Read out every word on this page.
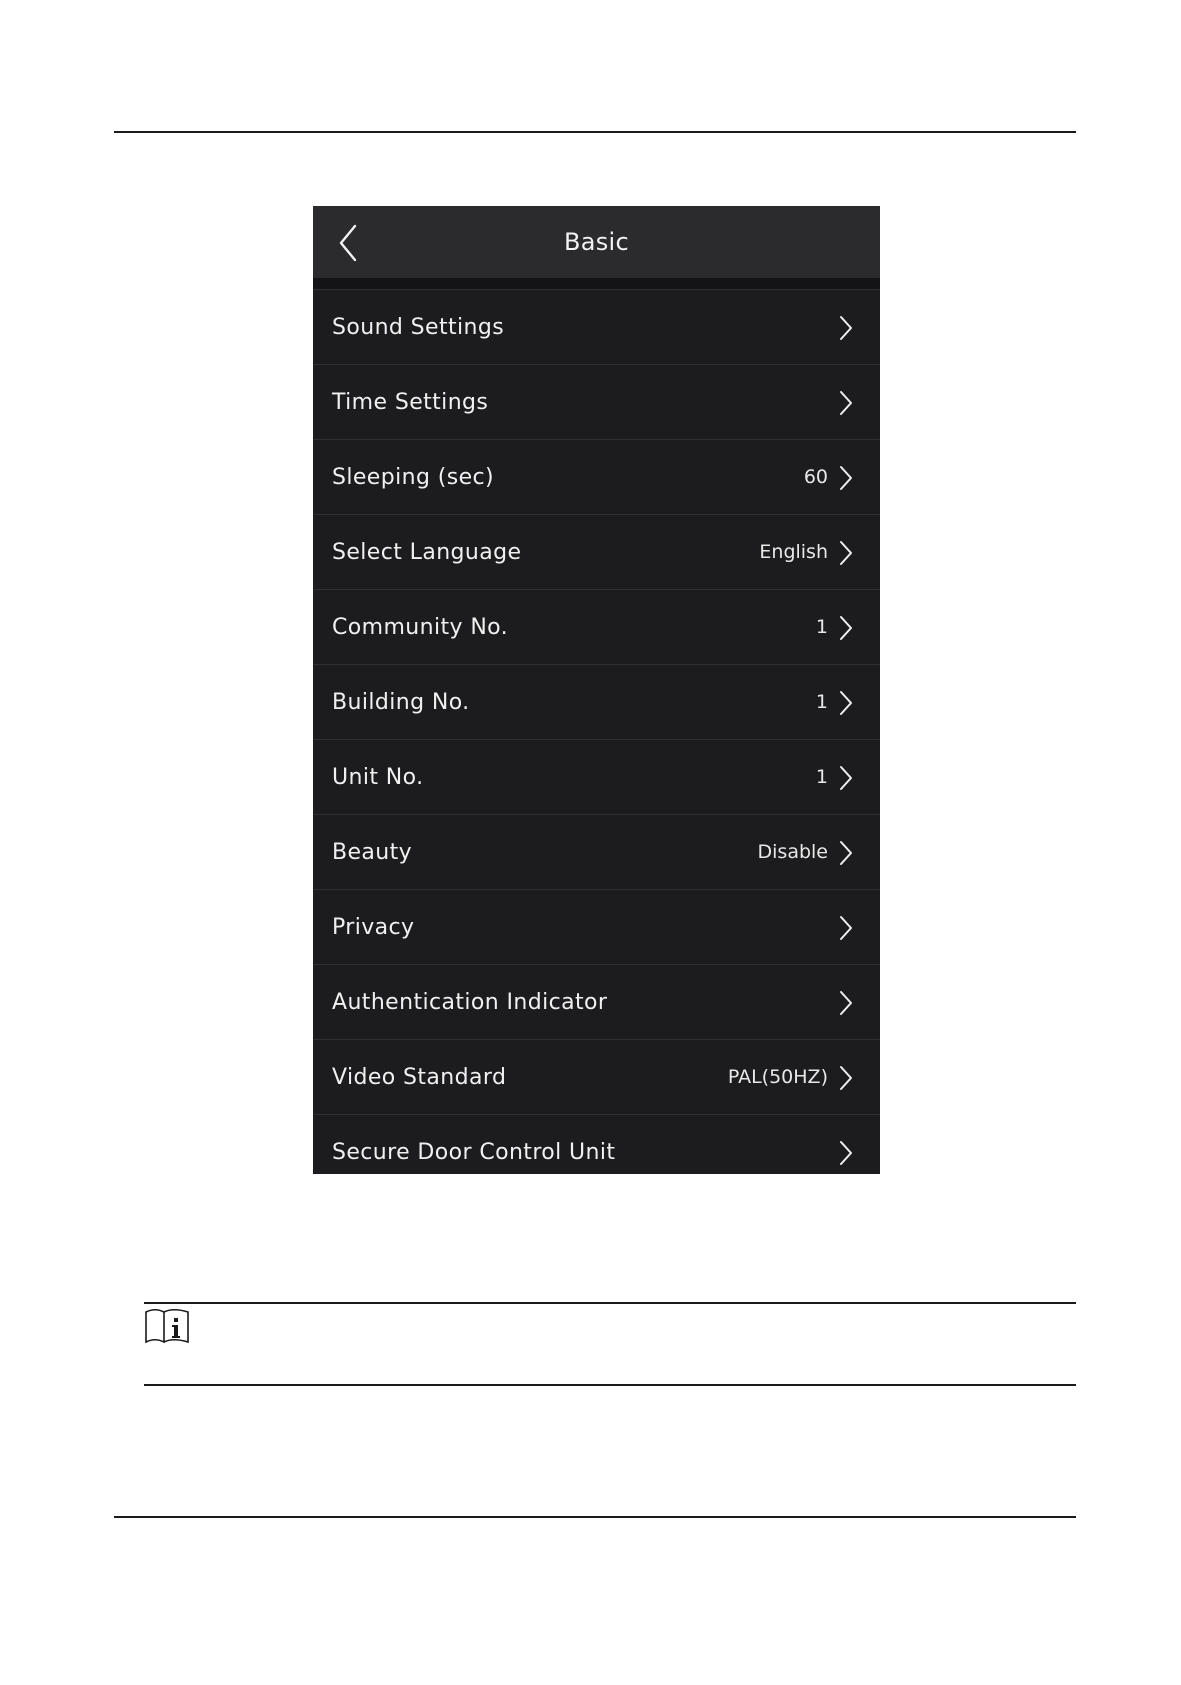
Basic
Sound Settings
Time Settings
Sleeping (sec)	60
Select Language	English
Community No.	1
Building No.	1
Unit No.	1
Beauty	Disable
Privacy
Authentication Indicator
Video Standard	PAL(50HZ)
Secure Door Control Unit
